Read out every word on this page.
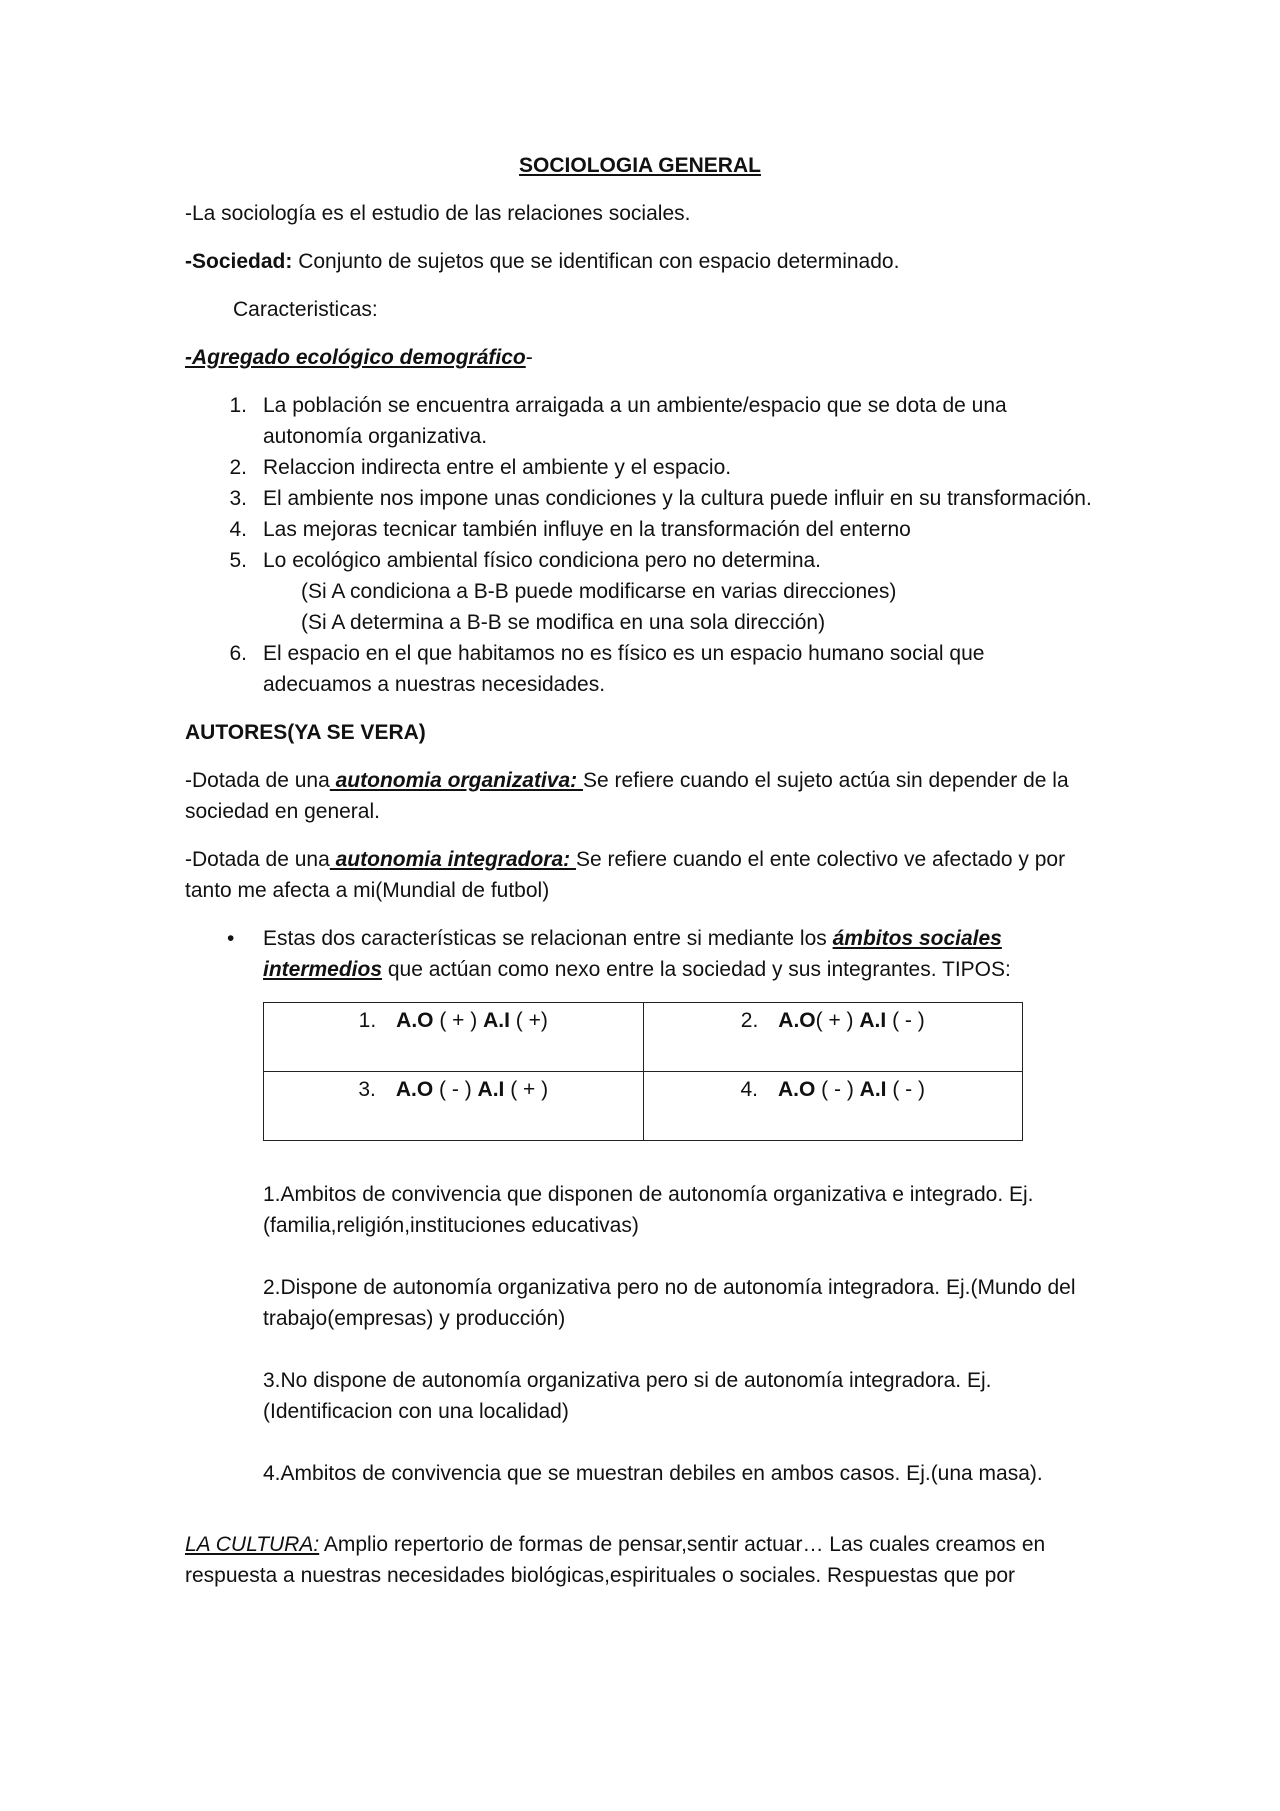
SOCIOLOGIA GENERAL

-La sociología es el estudio de las relaciones sociales.

-Sociedad: Conjunto de sujetos que se identifican con espacio determinado.

Caracteristicas:

-Agregado ecológico demográfico-

1. La población se encuentra arraigada a un ambiente/espacio que se dota de una autonomía organizativa.
2. Relaccion indirecta entre el ambiente y el espacio.
3. El ambiente nos impone unas condiciones y la cultura puede influir en su transformación.
4. Las mejoras tecnicar también influye en la transformación del enterno
5. Lo ecológico ambiental físico condiciona pero no determina.
(Si A condiciona a B-B puede modificarse en varias direcciones)
(Si A determina a B-B se modifica en una sola dirección)
6. El espacio en el que habitamos no es físico es un espacio humano social que adecuamos a nuestras necesidades.

AUTORES(YA SE VERA)

-Dotada de una autonomia organizativa: Se refiere cuando el sujeto actúa sin depender de la sociedad en general.

-Dotada de una autonomia integradora: Se refiere cuando el ente colectivo ve afectado y por tanto me afecta a mi(Mundial de futbol)

• Estas dos características se relacionan entre si mediante los ámbitos sociales intermedios que actúan como nexo entre la sociedad y sus integrantes. TIPOS:
1. A.O ( + ) A.I ( +)	2. A.O( + ) A.I ( - )
3. A.O ( - ) A.I ( + )	4. A.O ( - ) A.I ( - )

1.Ambitos de convivencia que disponen de autonomía organizativa e integrado. Ej.(familia,religión,instituciones educativas)

2.Dispone de autonomía organizativa pero no de autonomía integradora. Ej.(Mundo del trabajo(empresas) y producción)

3.No dispone de autonomía organizativa pero si de autonomía integradora. Ej.(Identificacion con una localidad)

4.Ambitos de convivencia que se muestran debiles en ambos casos. Ej.(una masa).

LA CULTURA: Amplio repertorio de formas de pensar,sentir actuar… Las cuales creamos en respuesta a nuestras necesidades biológicas,espirituales o sociales. Respuestas que por
